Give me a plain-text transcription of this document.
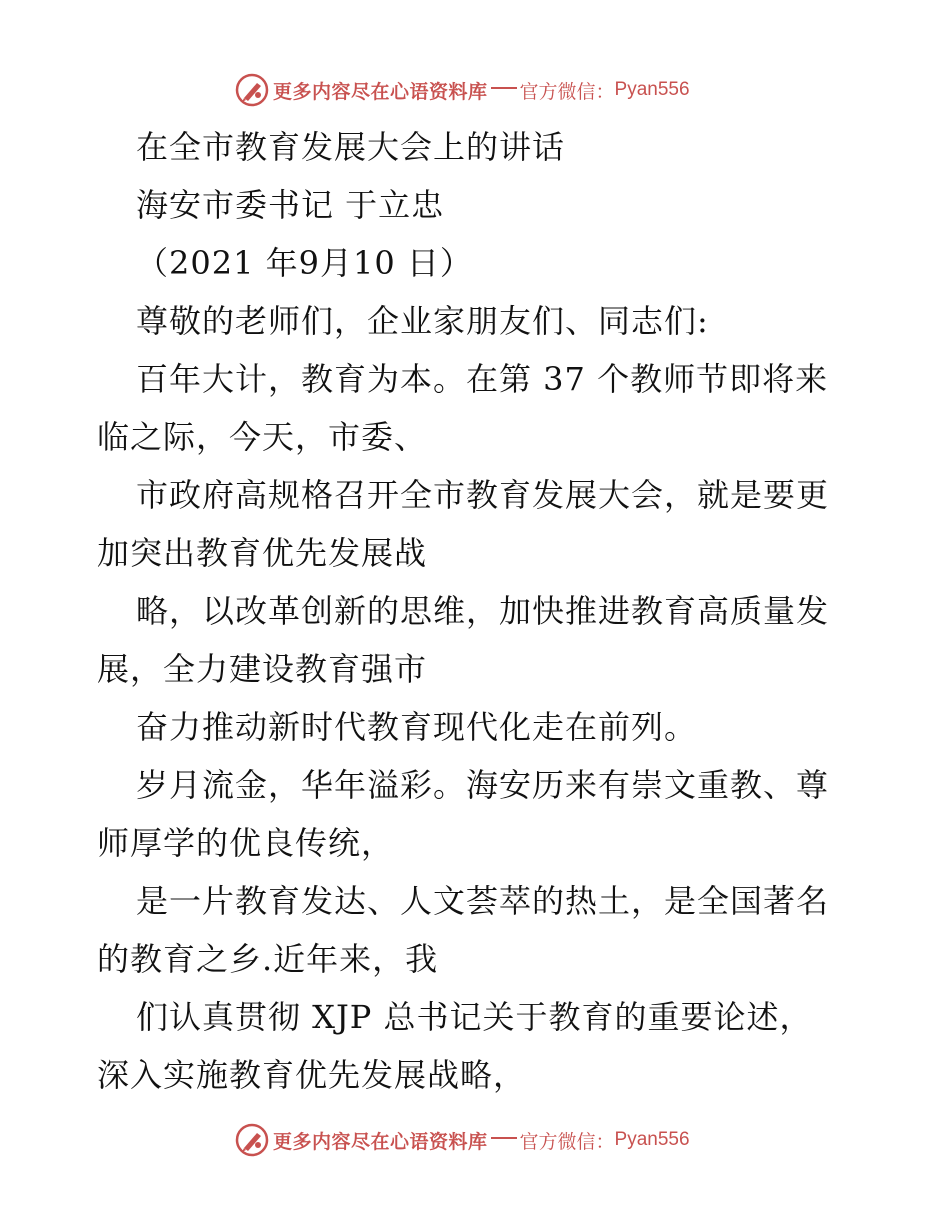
更多内容尽在心语资料库 官方微信： Pyan556
在全市教育发展大会上的讲话
海安市委书记 于立忠
（2021 年9月10 日）
尊敬的老师们，企业家朋友们、同志们:
百年大计，教育为本。在第 37 个教师节即将来
临之际，今天，市委、
市政府高规格召开全市教育发展大会，就是要更
加突出教育优先发展战
略，以改革创新的思维，加快推进教育高质量发
展，全力建设教育强市
奋力推动新时代教育现代化走在前列。
岁月流金，华年溢彩。海安历来有崇文重教、尊
师厚学的优良传统，
是一片教育发达、人文荟萃的热土，是全国著名
的教育之乡.近年来，我
们认真贯彻 XJP 总书记关于教育的重要论述，
深入实施教育优先发展战略，
更多内容尽在心语资料库 官方微信： Pyan556
